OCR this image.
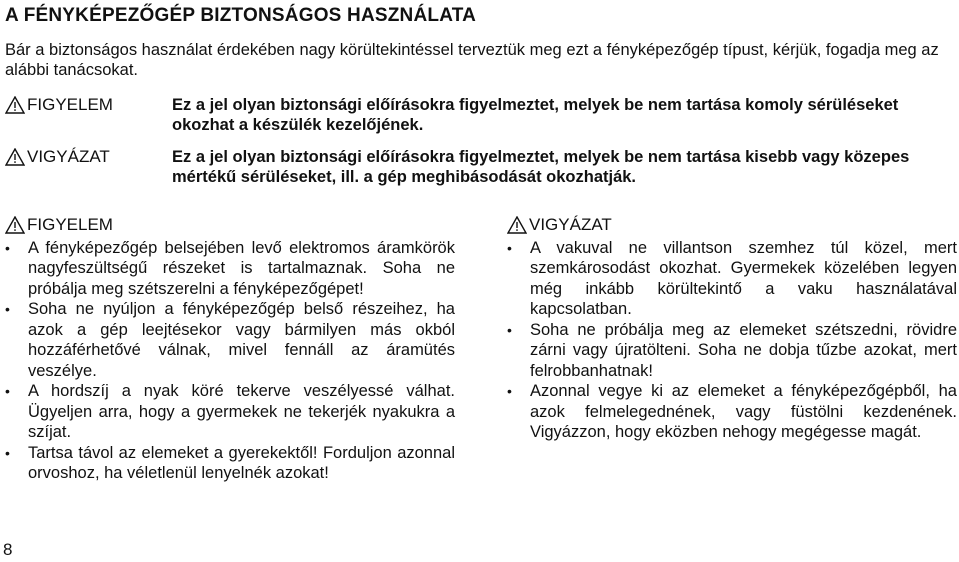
A FÉNYKÉPEZŐGÉP BIZTONSÁGOS HASZNÁLATA
Bár a biztonságos használat érdekében nagy körültekintéssel terveztük meg ezt a fényképezőgép típust, kérjük, fogadja meg az alábbi tanácsokat.
FIGYELEM	Ez a jel olyan biztonsági előírásokra figyelmeztet, melyek be nem tartása komoly sérüléseket okozhat a készülék kezelőjének.
VIGYÁZAT	Ez a jel olyan biztonsági előírásokra figyelmeztet, melyek be nem tartása kisebb vagy közepes mértékű sérüléseket, ill. a gép meghibásodását okozhatják.
FIGYELEM
• A fényképezőgép belsejében levő elektromos áramkörök nagyfeszültségű részeket is tartalmaznak. Soha ne próbálja meg szétszerelni a fényképezőgépet!
• Soha ne nyúljon a fényképezőgép belső részeihez, ha azok a gép leejtésekor vagy bármilyen más okból hozzáférhetővé válnak, mivel fennáll az áramütés veszélye.
• A hordszíj a nyak köré tekerve veszélyessé válhat. Ügyeljen arra, hogy a gyermekek ne tekerjék nyakukra a szíjat.
• Tartsa távol az elemeket a gyerekektől! Forduljon azonnal orvoshoz, ha véletlenül lenyelnék azokat!
VIGYÁZAT
• A vakuval ne villantson szemhez túl közel, mert szemkárosodást okozhat. Gyermekek közelében legyen még inkább körültekintő a vaku használatával kapcsolatban.
• Soha ne próbálja meg az elemeket szétszedni, rövidre zárni vagy újratölteni. Soha ne dobja tűzbe azokat, mert felrobbanhatnak!
• Azonnal vegye ki az elemeket a fényképezőgépből, ha azok felmelegednének, vagy füstölni kezdenének. Vigyázzon, hogy eközben nehogy megégesse magát.
8
